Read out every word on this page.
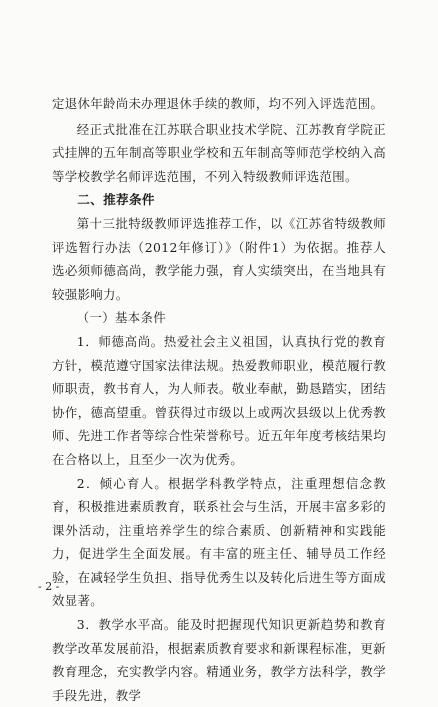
定退休年龄尚未办理退休手续的教师，均不列入评选范围。

经正式批准在江苏联合职业技术学院、江苏教育学院正式挂牌的五年制高等职业学校和五年制高等师范学校纳入高等学校教学名师评选范围，不列入特级教师评选范围。

二、推荐条件

第十三批特级教师评选推荐工作，以《江苏省特级教师评选暂行办法（2012年修订）》（附件1）为依据。推荐人选必须师德高尚，教学能力强，育人实绩突出，在当地具有较强影响力。

（一）基本条件

1．师德高尚。热爱社会主义祖国，认真执行党的教育方针，模范遵守国家法律法规。热爱教师职业，模范履行教师职责，教书育人，为人师表。敬业奉献，勤恳踏实，团结协作，德高望重。曾获得过市级以上或两次县级以上优秀教师、先进工作者等综合性荣誉称号。近五年年度考核结果均在合格以上，且至少一次为优秀。

2．倾心育人。根据学科教学特点，注重理想信念教育，积极推进素质教育，联系社会与生活，开展丰富多彩的课外活动，注重培养学生的综合素质、创新精神和实践能力，促进学生全面发展。有丰富的班主任、辅导员工作经验，在减轻学生负担、指导优秀生以及转化后进生等方面成效显著。

3．教学水平高。能及时把握现代知识更新趋势和教育教学改革发展前沿，根据素质教育要求和新课程标准，更新教育理念，充实教学内容。精通业务，教学方法科学，教学手段先进，教学

- 2 -
